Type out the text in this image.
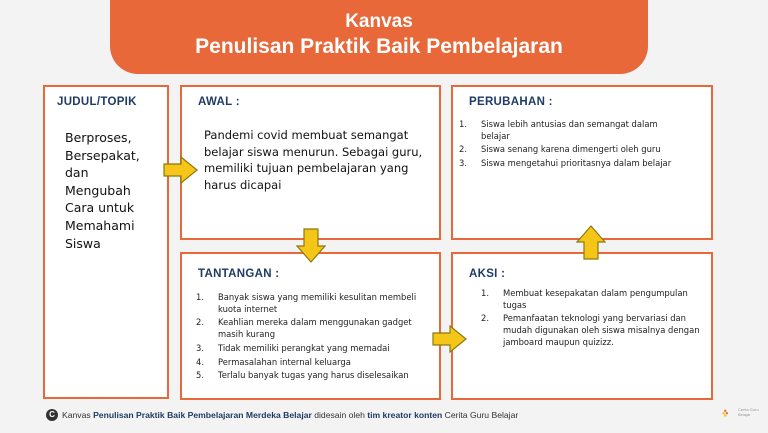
Kanvas
Penulisan Praktik Baik Pembelajaran
JUDUL/TOPIK
Berproses,
Bersepakat,
dan
Mengubah
Cara untuk
Memahami
Siswa
AWAL :
Pandemi covid membuat semangat belajar siswa menurun. Sebagai guru, memiliki tujuan pembelajaran yang harus dicapai
PERUBAHAN :
1. Siswa lebih antusias dan semangat dalam belajar
2. Siswa senang karena dimengerti oleh guru
3. Siswa mengetahui prioritasnya dalam belajar
TANTANGAN :
1. Banyak siswa yang memiliki kesulitan membeli kuota internet
2. Keahlian mereka dalam menggunakan gadget masih kurang
3. Tidak memiliki perangkat yang memadai
4. Permasalahan internal keluarga
5. Terlalu banyak tugas yang harus diselesaikan
AKSI :
1. Membuat kesepakatan dalam pengumpulan tugas
2. Pemanfaatan teknologi yang bervariasi dan mudah digunakan oleh siswa misalnya dengan jamboard maupun quizizz.
C Kanvas Penulisan Praktik Baik Pembelajaran Merdeka Belajar didesain oleh tim kreator konten Cerita Guru Belajar
Cerita Guru Belajar
